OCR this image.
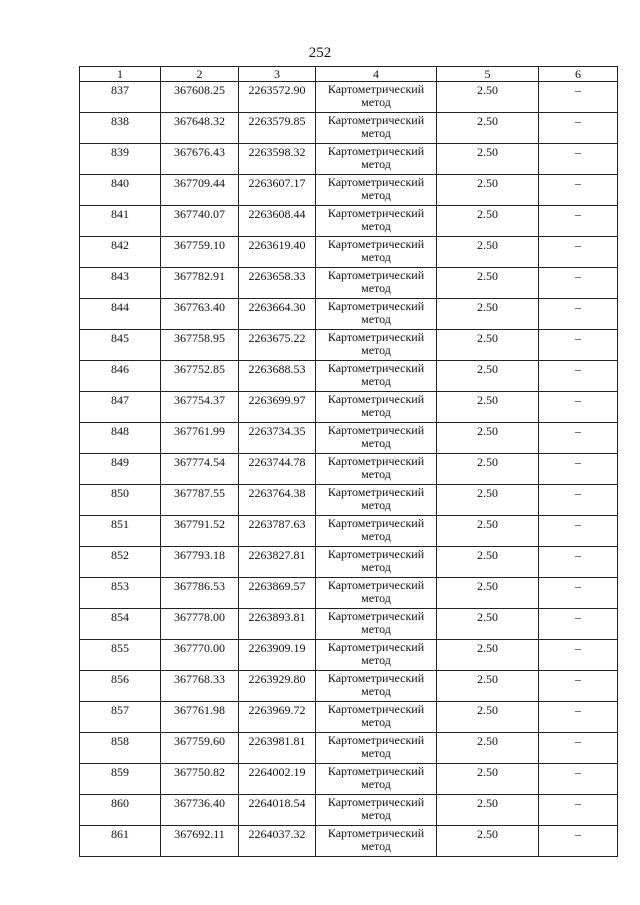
252
1	2	3	4	5	6
837	367608.25	2263572.90	Картометрический
метод	2.50	–
838	367648.32	2263579.85	Картометрический
метод	2.50	–
839	367676.43	2263598.32	Картометрический
метод	2.50	–
840	367709.44	2263607.17	Картометрический
метод	2.50	–
841	367740.07	2263608.44	Картометрический
метод	2.50	–
842	367759.10	2263619.40	Картометрический
метод	2.50	–
843	367782.91	2263658.33	Картометрический
метод	2.50	–
844	367763.40	2263664.30	Картометрический
метод	2.50	–
845	367758.95	2263675.22	Картометрический
метод	2.50	–
846	367752.85	2263688.53	Картометрический
метод	2.50	–
847	367754.37	2263699.97	Картометрический
метод	2.50	–
848	367761.99	2263734.35	Картометрический
метод	2.50	–
849	367774.54	2263744.78	Картометрический
метод	2.50	–
850	367787.55	2263764.38	Картометрический
метод	2.50	–
851	367791.52	2263787.63	Картометрический
метод	2.50	–
852	367793.18	2263827.81	Картометрический
метод	2.50	–
853	367786.53	2263869.57	Картометрический
метод	2.50	–
854	367778.00	2263893.81	Картометрический
метод	2.50	–
855	367770.00	2263909.19	Картометрический
метод	2.50	–
856	367768.33	2263929.80	Картометрический
метод	2.50	–
857	367761.98	2263969.72	Картометрический
метод	2.50	–
858	367759.60	2263981.81	Картометрический
метод	2.50	–
859	367750.82	2264002.19	Картометрический
метод	2.50	–
860	367736.40	2264018.54	Картометрический
метод	2.50	–
861	367692.11	2264037.32	Картометрический
метод	2.50	–
